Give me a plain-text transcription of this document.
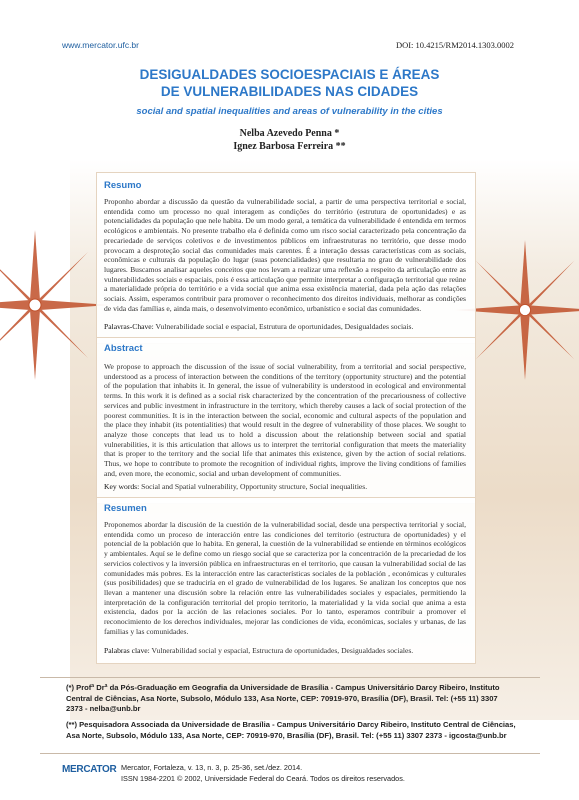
www.mercator.ufc.br	DOI: 10.4215/RM2014.1303.0002
DESIGUALDADES SOCIOESPACIAIS E ÁREAS
DE VULNERABILIDADES NAS CIDADES
social and spatial inequalities and areas of vulnerability in the cities
Nelba Azevedo Penna *
Ignez Barbosa Ferreira **
Resumo
Proponho abordar a discussão da questão da vulnerabilidade social, a partir de uma perspectiva territorial e social, entendida como um processo no qual interagem as condições do território (estrutura de oportunidades) e as potencialidades da população que nele habita. De um modo geral, a temática da vulnerabilidade é entendida em termos ecológicos e ambientais. No presente trabalho ela é definida como um risco social caracterizado pela concentração da precariedade de serviços coletivos e de investimentos públicos em infraestruturas no território, que desse modo provocam a desproteção social das comunidades mais carentes. É a interação dessas características com as sociais, econômicas e culturais da população do lugar (suas potencialidades) que resultaria no grau de vulnerabilidade dos lugares. Buscamos analisar aqueles conceitos que nos levam a realizar uma reflexão a respeito da articulação entre as vulnerabilidades sociais e espaciais, pois é essa articulação que permite interpretar a configuração territorial que reúne a materialidade própria do território e a vida social que anima essa existência material, dada pela ação das relações sociais. Assim, esperamos contribuir para promover o reconhecimento dos direitos individuais, melhorar as condições de vida das famílias e, ainda mais, o desenvolvimento econômico, urbanístico e social das comunidades.
Palavras-Chave: Vulnerabilidade social e espacial, Estrutura de oportunidades, Desigualdades sociais.
Abstract
We propose to approach the discussion of the issue of social vulnerability, from a territorial and social perspective, understood as a process of interaction between the conditions of the territory (opportunity structure) and the potential of the population that inhabits it. In general, the issue of vulnerability is understood in ecological and environmental terms. In this work it is defined as a social risk characterized by the concentration of the precariousness of collective services and public investment in infrastructure in the territory, which thereby causes a lack of social protection of the poorest communities. It is in the interaction between the social, economic and cultural aspects of the population and the place they inhabit (its potentialities) that would result in the degree of vulnerability of those places. We sought to analyze those concepts that lead us to hold a discussion about the relationship between social and spatial vulnerabilities, it is this articulation that allows us to interpret the territorial configuration that meets the materiality that is proper to the territory and the social life that animates this existence, given by the action of social relations. Thus, we hope to contribute to promote the recognition of individual rights, improve the living conditions of families and, even more, the economic, social and urban development of communities.
Key words: Social and Spatial vulnerability, Opportunity structure, Social inequalities.
Resumen
Proponemos abordar la discusión de la cuestión de la vulnerabilidad social, desde una perspectiva territorial y social, entendida como un proceso de interacción entre las condiciones del territorio (estructura de oportunidades) y el potencial de la población que lo habita. En general, la cuestión de la vulnerabilidad se entiende en términos ecológicos y ambientales. Aquí se le define como un riesgo social que se caracteriza por la concentración de la precariedad de los servicios colectivos y la inversión pública en infraestructuras en el territorio, que causan la vulnerabilidad social de las comunidades más pobres. Es la interacción entre las características sociales de la población , económicas y culturales (sus posibilidades) que se traduciría en el grado de vulnerabilidad de los lugares. Se analizan los conceptos que nos llevan a mantener una discusión sobre la relación entre las vulnerabilidades sociales y espaciales, permitiendo la interpretación de la configuración territorial del propio territorio, la materialidad y la vida social que anima a esta existencia, dados por la acción de las relaciones sociales. Por lo tanto, esperamos contribuir a promover el reconocimiento de los derechos individuales, mejorar las condiciones de vida, económicas, sociales y urbanas, de las familias y las comunidades.
Palabras clave: Vulnerabilidad social y espacial, Estructura de oportunidades, Desigualdades sociales.
(*) Profª Drª da Pós-Graduação em Geografia da Universidade de Brasília - Campus Universitário Darcy Ribeiro, Instituto Central de Ciências, Asa Norte, Subsolo, Módulo 133, Asa Norte, CEP: 70919-970, Brasília (DF), Brasil. Tel: (+55 11) 3307 2373 - nelba@unb.br
(**) Pesquisadora Associada da Universidade de Brasília - Campus Universitário Darcy Ribeiro, Instituto Central de Ciências, Asa Norte, Subsolo, Módulo 133, Asa Norte, CEP: 70919-970, Brasília (DF), Brasil. Tel: (+55 11) 3307 2373 - igcosta@unb.br
MERCATOR Mercator, Fortaleza, v. 13, n. 3, p. 25-36, set./dez. 2014.
ISSN 1984-2201 © 2002, Universidade Federal do Ceará. Todos os direitos reservados.
